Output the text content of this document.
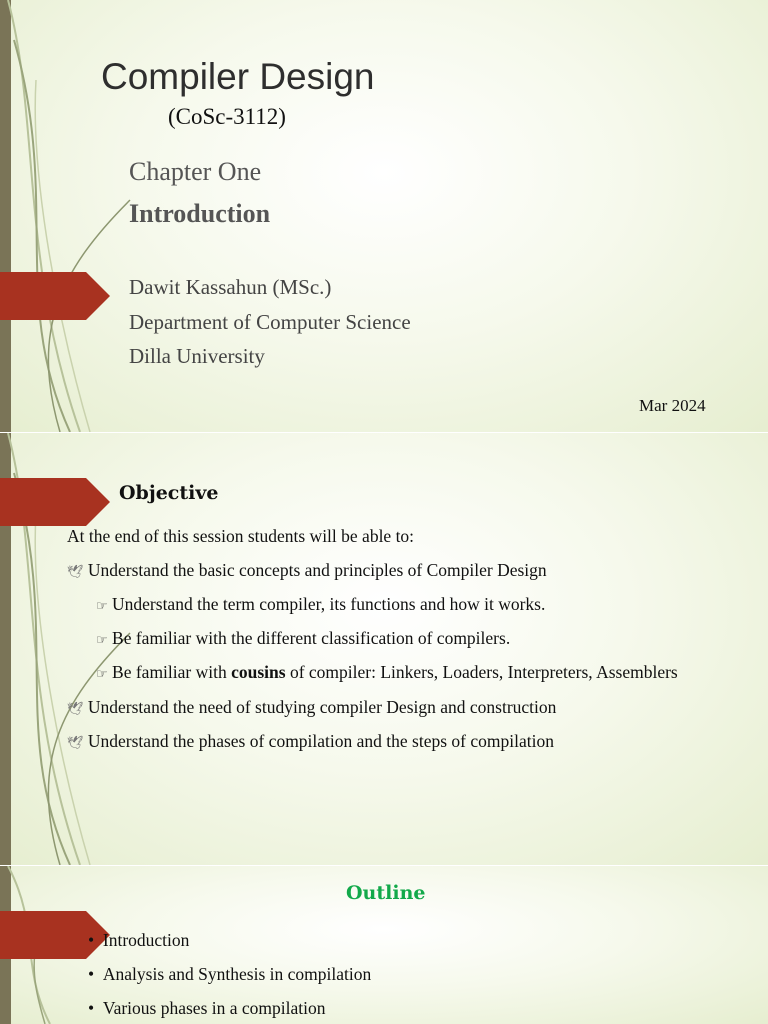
Compiler Design
(CoSc-3112)
Chapter One
Introduction
Dawit Kassahun (MSc.)
Department of Computer Science
Dilla University
Mar 2024
Objective
At the end of this session students will be able to:
🕊 Understand the basic concepts and principles of Compiler Design
☞ Understand the term compiler, its functions and how it works.
☞ Be familiar with the different classification of compilers.
☞ Be familiar with cousins of compiler: Linkers, Loaders, Interpreters, Assemblers
🕊 Understand the need of studying compiler Design and construction
🕊 Understand the phases of compilation and the steps of compilation
Outline
• Introduction
• Analysis and Synthesis in compilation
• Various phases in a compilation
